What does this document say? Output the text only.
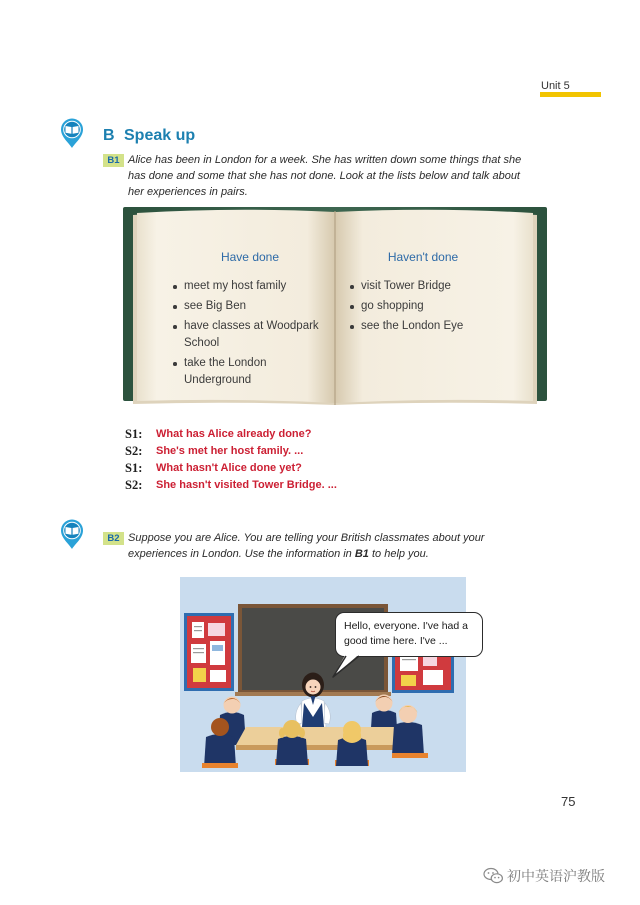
Unit 5
B Speak up
B1 Alice has been in London for a week. She has written down some things that she
has done and some that she has not done. Look at the lists below and talk about
her experiences in pairs.
Have done
meet my host family
see Big Ben
have classes at Woodpark School
take the London Underground
Haven't done
visit Tower Bridge
go shopping
see the London Eye
S1: What has Alice already done?
S2: She's met her host family. ...
S1: What hasn't Alice done yet?
S2: She hasn't visited Tower Bridge. ...
B2 Suppose you are Alice. You are telling your British classmates about your
experiences in London. Use the information in B1 to help you.
Hello, everyone. I've had a
good time here. I've ...
75
初中英语沪教版
